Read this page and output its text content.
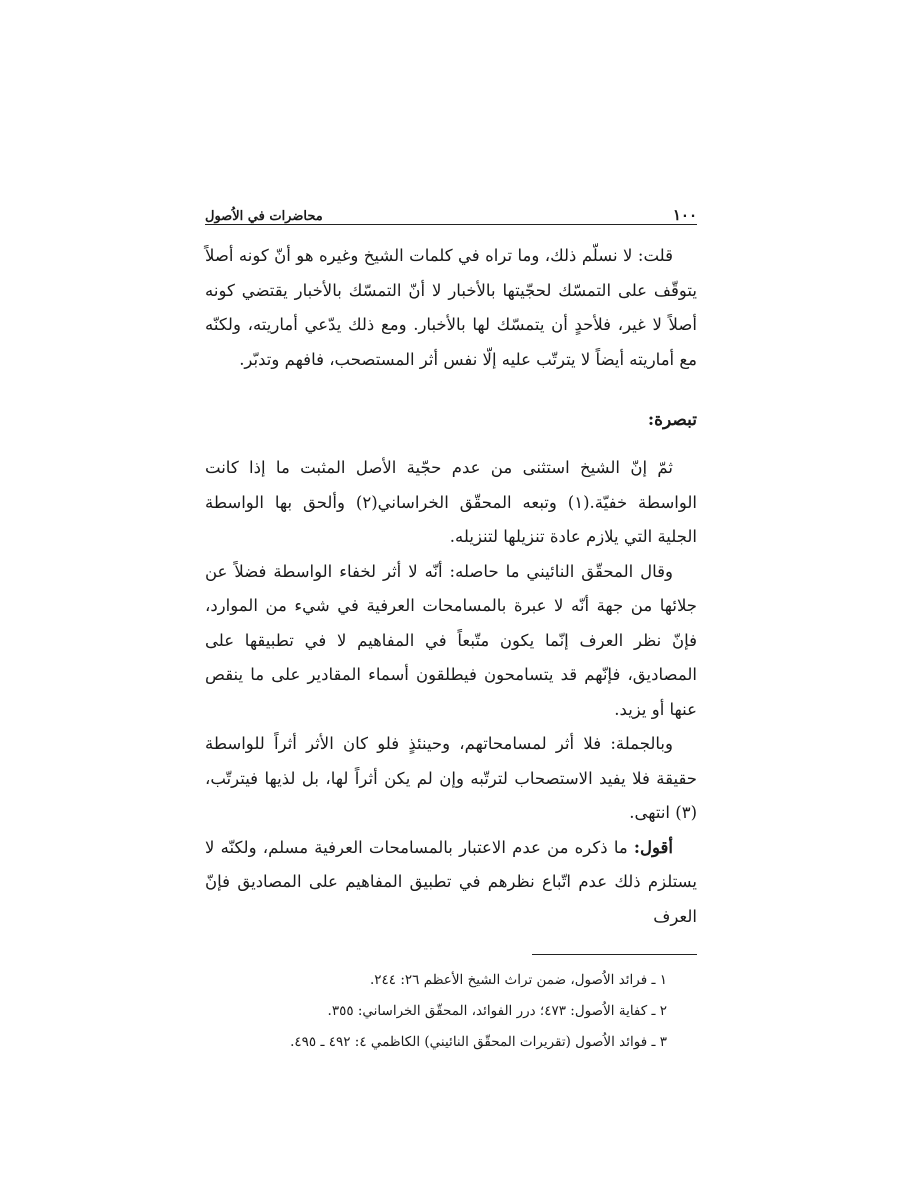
١٠٠
محاضرات في الاُصول

قلت: لا نسلّم ذلك، وما تراه في كلمات الشيخ‏‏ وغيره هو أنّ كونه أصلاً يتوقّف على التمسّك لحجّيتها بالأخبار لا أنّ التمسّك بالأخبار يقتضي كونه أصلاً لا غير، فلأحدٍ أن يتمسّك لها بالأخبار. ومع ذلك يدّعي أماريته، ولكنّه مع أماريته أيضاً لا يترتّب عليه إلّا نفس أثر المستصحب، فافهم وتدبّر.

تبصرة:

ثمّ إنّ الشيخ‏ استثنى من عدم حجّية الأصل المثبت ما إذا كانت الواسطة خفيّة.(١) وتبعه المحقّق الخراساني‏(٢) وألحق بها الواسطة الجلية التي يلازم عادة تنزيلها لتنزيله.

وقال المحقّق النائيني‏ ما حاصله: أنّه لا أثر لخفاء الواسطة فضلاً عن جلائها من جهة أنّه لا عبرة بالمسامحات العرفية في شيء من الموارد، فإنّ نظر العرف إنّما يكون متّبعاً في المفاهيم لا في تطبيقها على المصاديق، فإنّهم قد يتسامحون فيطلقون أسماء المقادير على ما ينقص عنها أو يزيد.

وبالجملة: فلا أثر لمسامحاتهم، وحينئذٍ فلو كان الأثر أثراً للواسطة حقيقة فلا يفيد الاستصحاب لترتّبه وإن لم يكن أثراً لها، بل لذيها فيترتّب،(٣) انتهى.

أقول: ما ذكره من عدم الاعتبار بالمسامحات العرفية مسلم، ولكنّه لا يستلزم ذلك عدم اتّباع نظرهم في تطبيق المفاهيم على المصاديق فإنّ العرف

١ ـ فرائد الاُصول، ضمن تراث الشيخ الأعظم ٢٦: ٢٤٤.

٢ ـ كفاية الاُصول: ٤٧٣؛ درر الفوائد، المحقّق الخراساني: ٣٥٥.

٣ ـ فوائد الاُصول (تقريرات المحقّق النائيني) الكاظمي ٤: ٤٩٢ ـ ٤٩٥.
